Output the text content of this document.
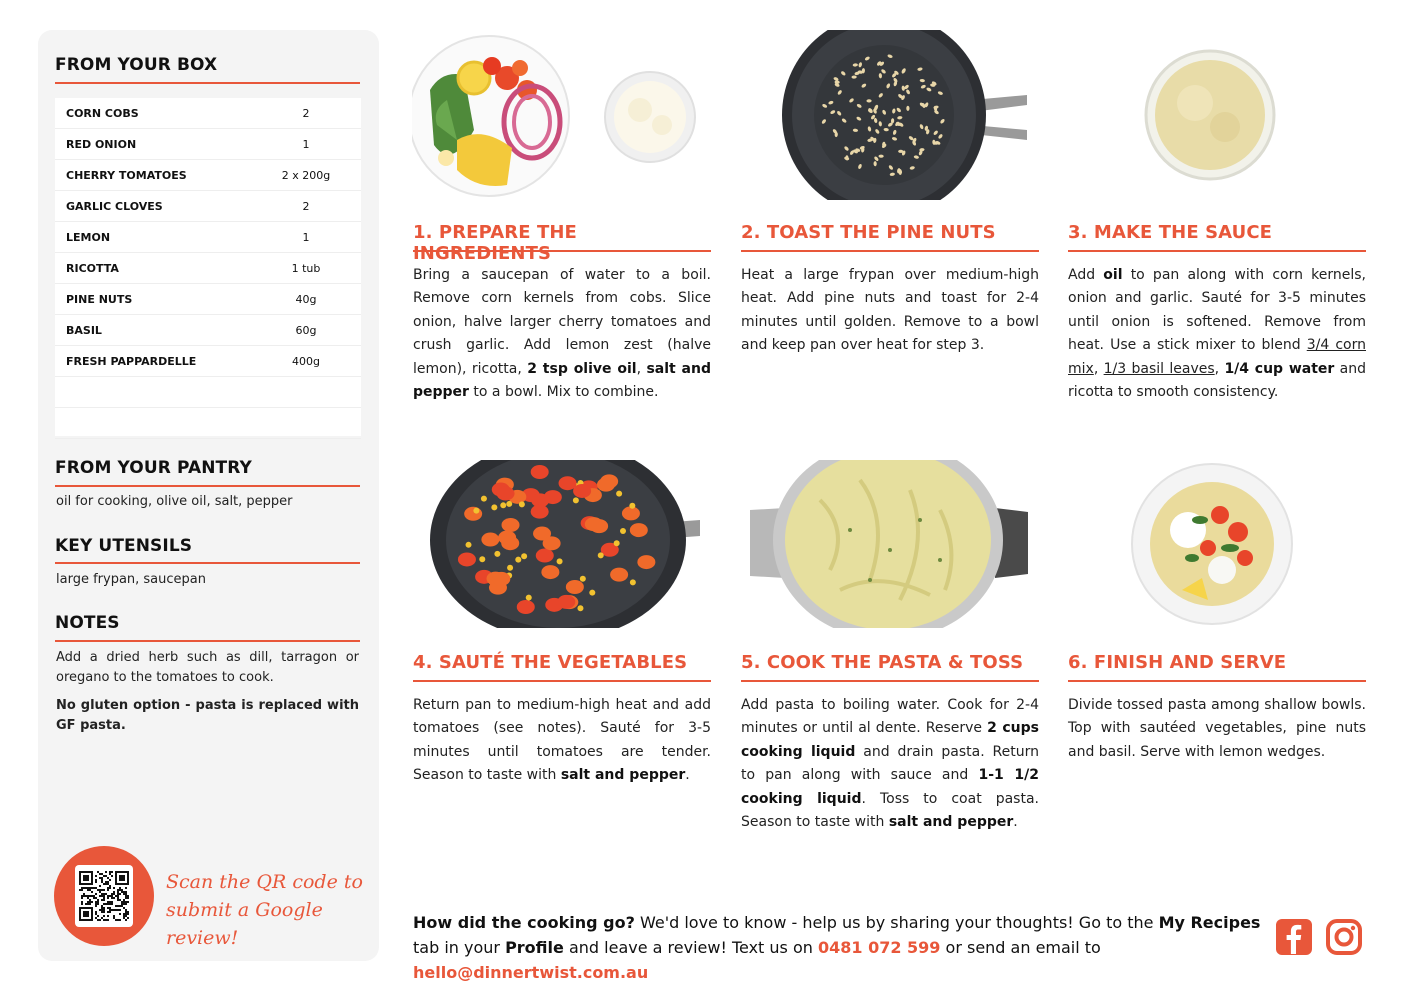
FROM YOUR BOX
CORN COBS	2
RED ONION	1
CHERRY TOMATOES	2 x 200g
GARLIC CLOVES	2
LEMON	1
RICOTTA	1 tub
PINE NUTS	40g
BASIL	60g
FRESH PAPPARDELLE	400g
FROM YOUR PANTRY
oil for cooking, olive oil, salt, pepper
KEY UTENSILS
large frypan, saucepan
NOTES
Add a dried herb such as dill, tarragon or oregano to the tomatoes to cook.
No gluten option - pasta is replaced with GF pasta.
Scan the QR code to
submit a Google review!
1. PREPARE THE INGREDIENTS
Bring a saucepan of water to a boil. Remove corn kernels from cobs. Slice onion, halve larger cherry tomatoes and crush garlic. Add lemon zest (halve lemon), ricotta, 2 tsp olive oil, salt and pepper to a bowl. Mix to combine.
2. TOAST THE PINE NUTS
Heat a large frypan over medium-high heat. Add pine nuts and toast for 2-4 minutes until golden. Remove to a bowl and keep pan over heat for step 3.
3. MAKE THE SAUCE
Add oil to pan along with corn kernels, onion and garlic. Sauté for 3-5 minutes until onion is softened. Remove from heat. Use a stick mixer to blend 3/4 corn mix, 1/3 basil leaves, 1/4 cup water and ricotta to smooth consistency.
4. SAUTÉ THE VEGETABLES
Return pan to medium-high heat and add tomatoes (see notes). Sauté for 3-5 minutes until tomatoes are tender. Season to taste with salt and pepper.
5. COOK THE PASTA & TOSS
Add pasta to boiling water. Cook for 2-4 minutes or until al dente. Reserve 2 cups cooking liquid and drain pasta. Return to pan along with sauce and 1-1 1/2 cooking liquid. Toss to coat pasta. Season to taste with salt and pepper.
6. FINISH AND SERVE
Divide tossed pasta among shallow bowls. Top with sautéed vegetables, pine nuts and basil. Serve with lemon wedges.
How did the cooking go? We'd love to know - help us by sharing your thoughts! Go to the My Recipes tab in your Profile and leave a review! Text us on 0481 072 599 or send an email to hello@dinnertwist.com.au
